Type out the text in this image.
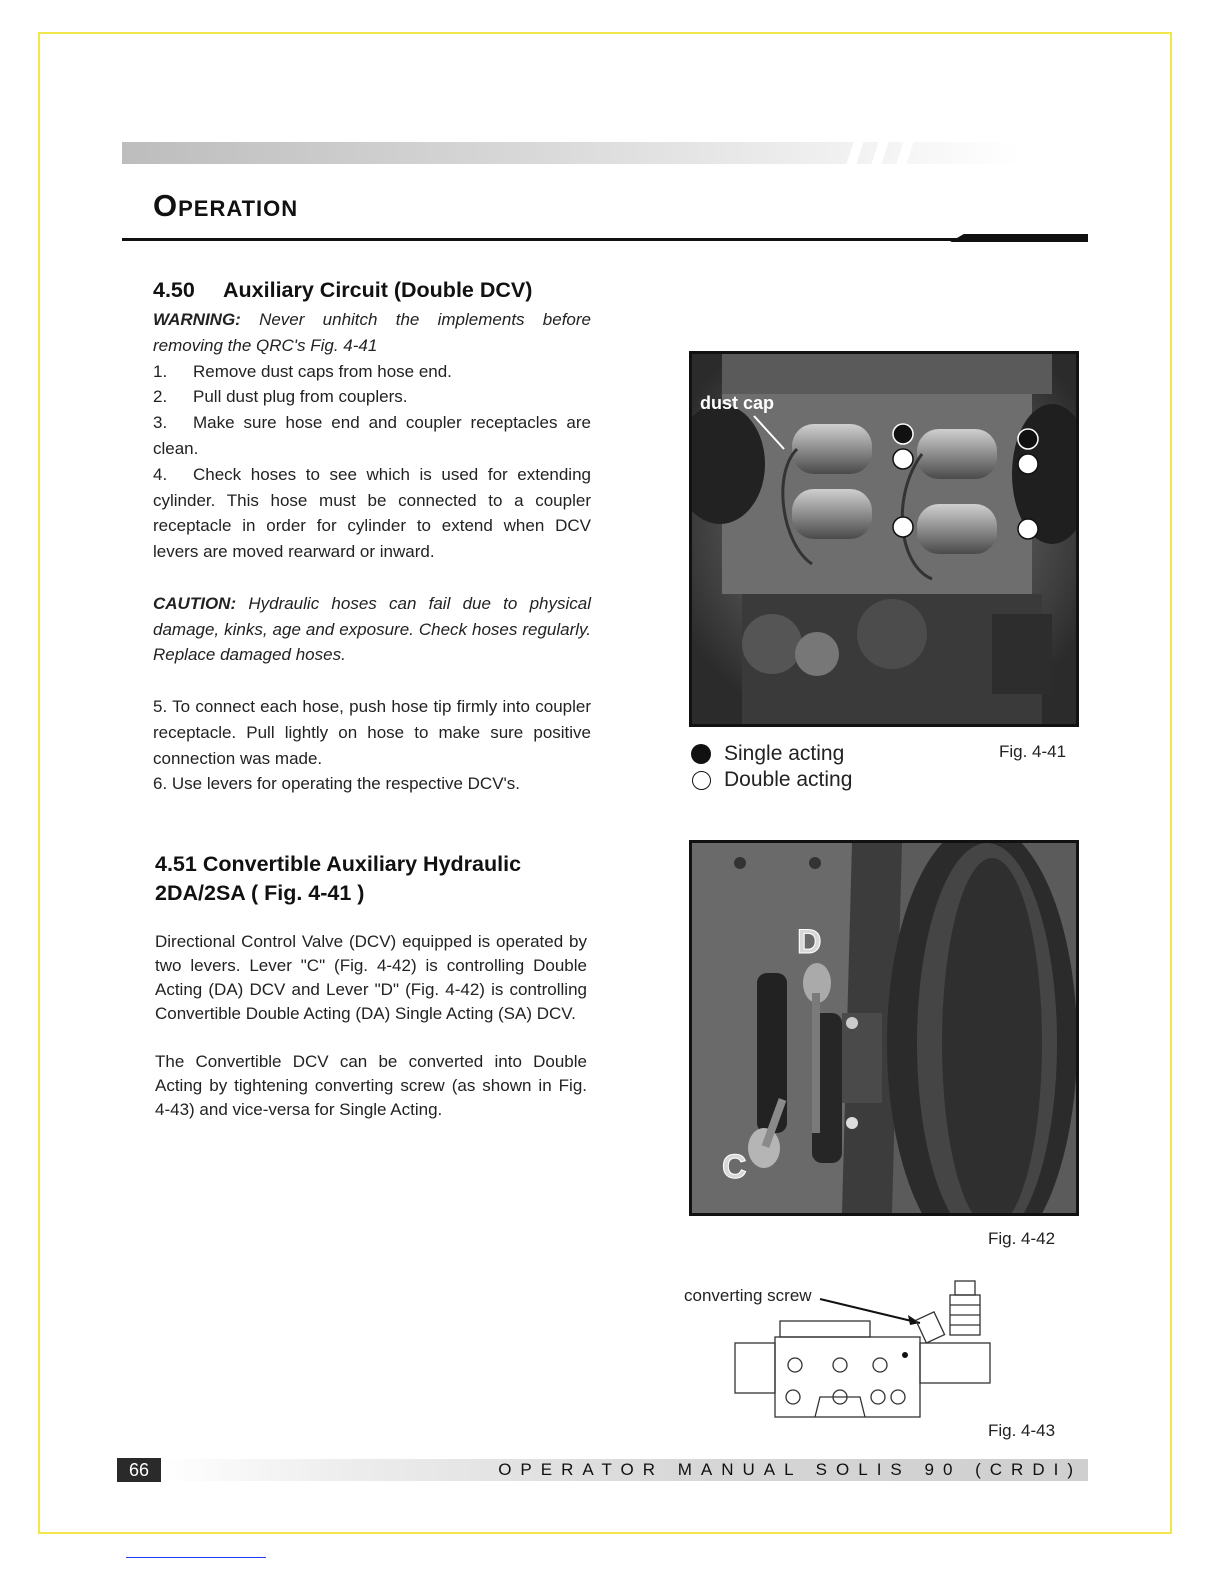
Operation
4.50 Auxiliary Circuit (Double DCV)

WARNING: Never unhitch the implements before removing the QRC's Fig. 4-41

1.	Remove dust caps from hose end.
2.	Pull dust plug from couplers.

3. Make sure hose end and coupler receptacles are clean.

4. Check hoses to see which is used for extending cylinder. This hose must be connected to a coupler receptacle in order for cylinder to extend when DCV levers are moved rearward or inward.

CAUTION: Hydraulic hoses can fail due to physical damage, kinks, age and exposure. Check hoses regularly. Replace damaged hoses.

5. To connect each hose, push hose tip firmly into coupler receptacle. Pull lightly on hose to make sure positive connection was made.

6. Use levers for operating the respective DCV's.

4.51 Convertible Auxiliary Hydraulic
2DA/2SA ( Fig. 4-41 )

Directional Control Valve (DCV) equipped is operated by two levers. Lever "C" (Fig. 4-42) is controlling Double Acting (DA) DCV and Lever "D" (Fig. 4-42) is controlling Convertible Double Acting (DA) Single Acting (SA) DCV.

The Convertible DCV can be converted into Double Acting by tightening converting screw (as shown in Fig. 4-43) and vice-versa for Single Acting.

dust cap
Single acting
Double acting
Fig. 4-41
D
C
Fig. 4-42
converting screw
Fig. 4-43
66	OPERATOR MANUAL SOLIS 90 (CRDI)
